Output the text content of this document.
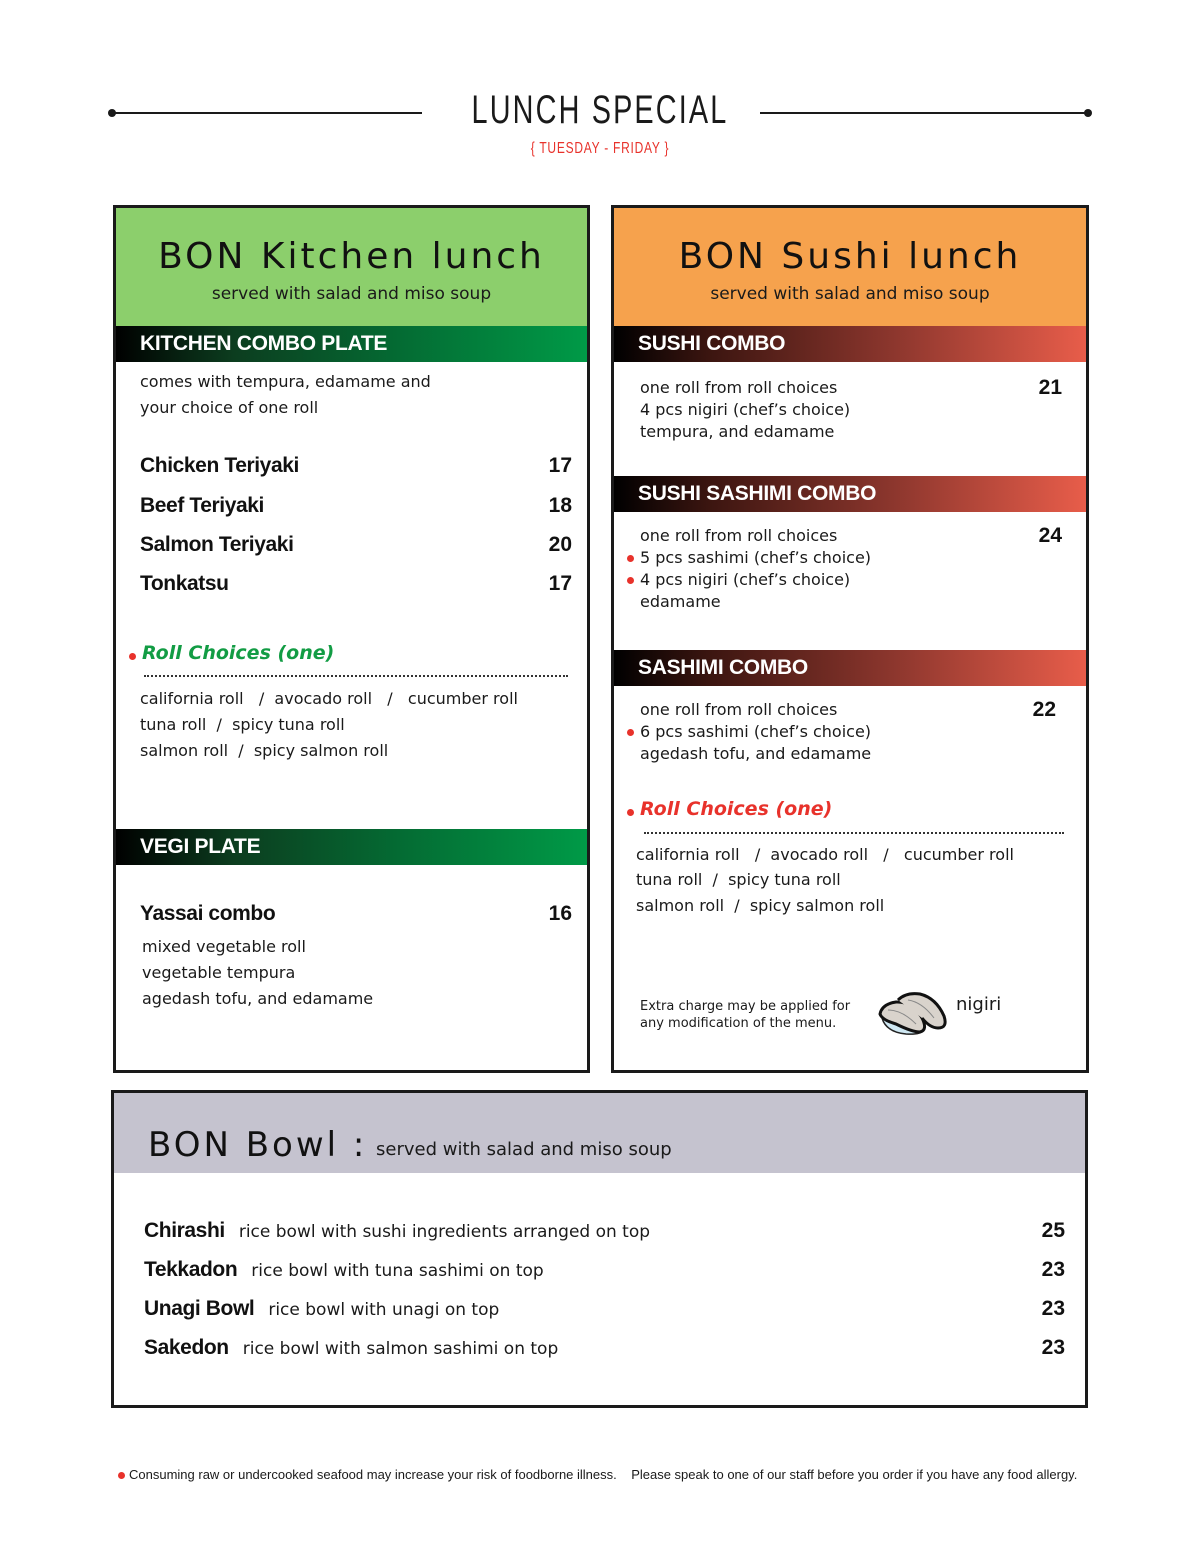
LUNCH SPECIAL
{ TUESDAY - FRIDAY }
BON Kitchen lunch
served with salad and miso soup
KITCHEN COMBO PLATE
comes with tempura, edamame and
your choice of one roll
Chicken Teriyaki	17
Beef Teriyaki	18
Salmon Teriyaki	20
Tonkatsu	17
Roll Choices (one)
california roll   /  avocado roll   /   cucumber roll
tuna roll  /  spicy tuna roll
salmon roll  /  spicy salmon roll
VEGI PLATE
Yassai combo	16
mixed vegetable roll
vegetable tempura
agedash tofu, and edamame
BON Sushi lunch
served with salad and miso soup
SUSHI COMBO
21
one roll from roll choices
4 pcs nigiri (chef’s choice)
tempura, and edamame
SUSHI SASHIMI COMBO
24
one roll from roll choices
5 pcs sashimi (chef’s choice)
4 pcs nigiri (chef’s choice)
edamame
SASHIMI COMBO
22
one roll from roll choices
6 pcs sashimi (chef’s choice)
agedash tofu, and edamame
Roll Choices (one)
california roll   /  avocado roll   /   cucumber roll
tuna roll  /  spicy tuna roll
salmon roll  /  spicy salmon roll
Extra charge may be applied for
any modification of the menu.
nigiri
BON Bowl : served with salad and miso soup
Chirashi rice bowl with sushi ingredients arranged on top	25
Tekkadon rice bowl with tuna sashimi on top	23
Unagi Bowl rice bowl with unagi on top	23
Sakedon rice bowl with salmon sashimi on top	23
Consuming raw or undercooked seafood may increase your risk of foodborne illness.    Please speak to one of our staff before you order if you have any food allergy.
